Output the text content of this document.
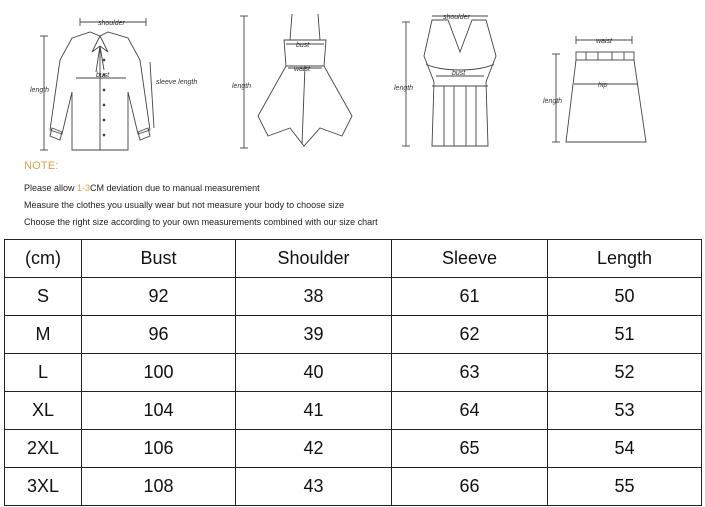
shoulder
bust
length
sleeve length
bust
waist
length
shoulder
bust
length
waist
hip
length
NOTE:
Please allow 1-3CM deviation due to manual measurement
Measure the clothes you usually wear but not measure your body to choose size
Choose the right size according to your own measurements combined with our size chart
(cm)	Bust	Shoulder	Sleeve	Length
S	92	38	61	50
M	96	39	62	51
L	100	40	63	52
XL	104	41	64	53
2XL	106	42	65	54
3XL	108	43	66	55
